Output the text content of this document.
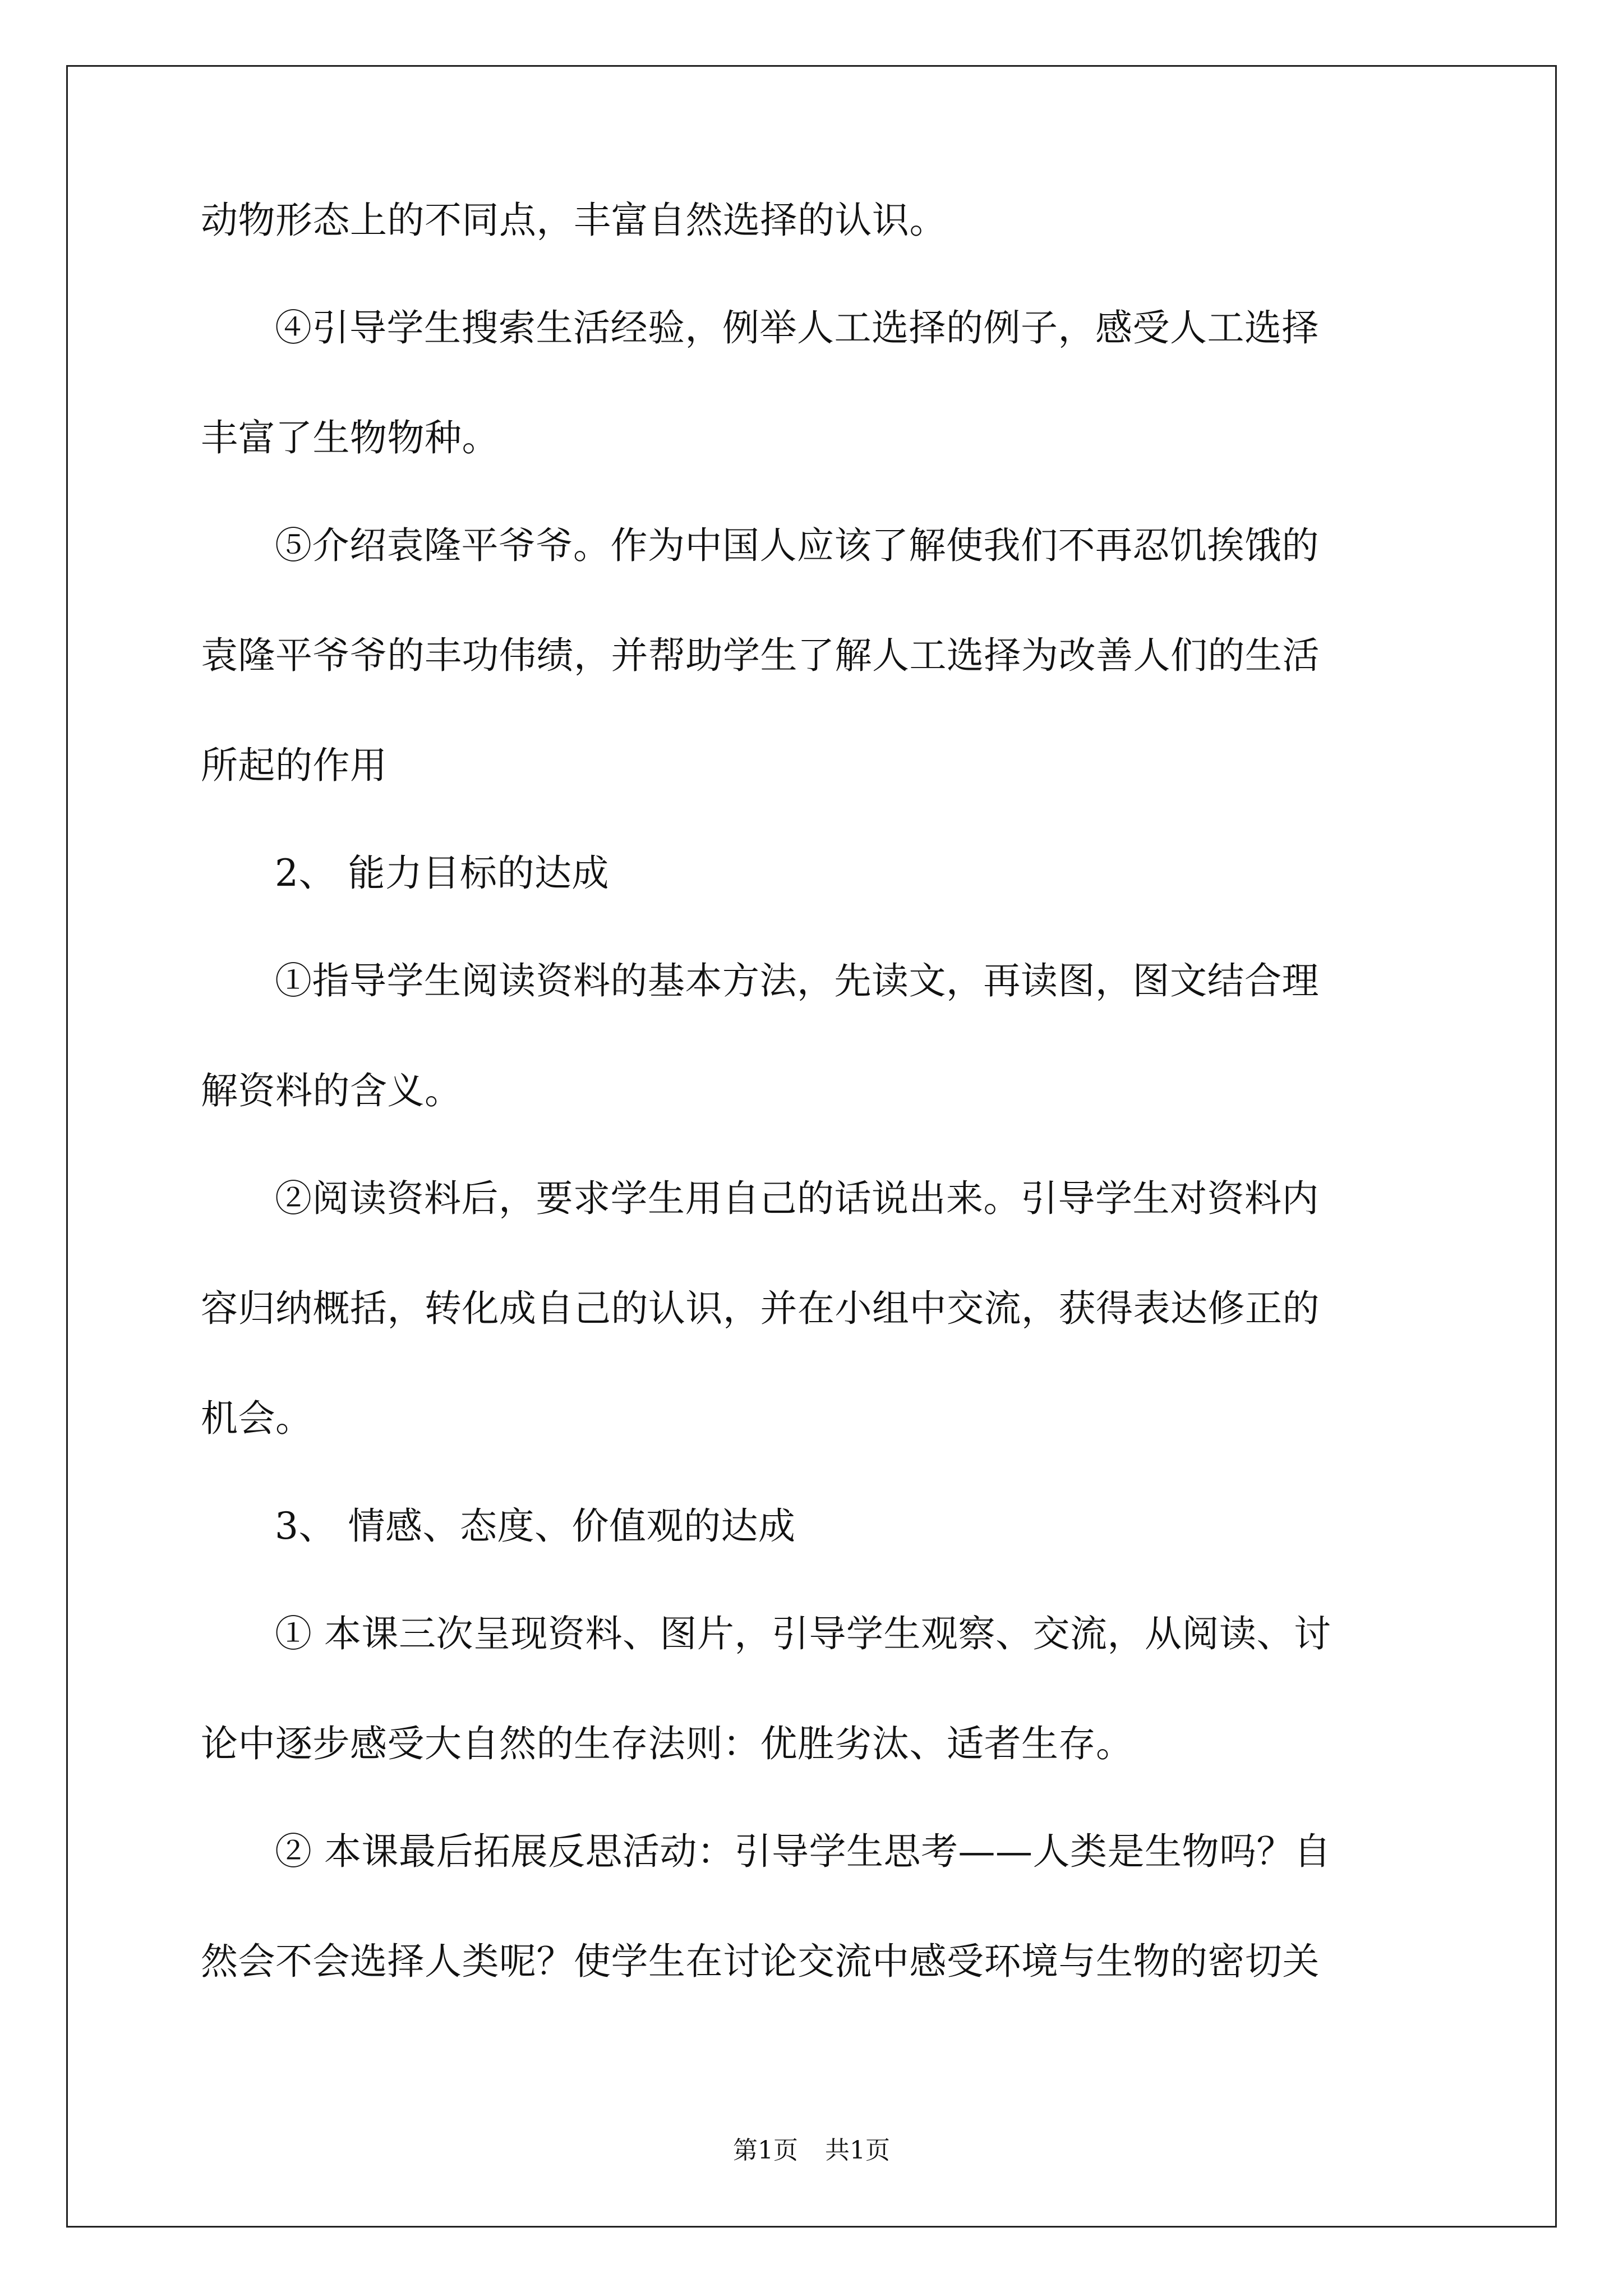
动物形态上的不同点，丰富自然选择的认识。

④引导学生搜索生活经验，例举人工选择的例子，感受人工选择

丰富了生物物种。

⑤介绍袁隆平爷爷。作为中国人应该了解使我们不再忍饥挨饿的

袁隆平爷爷的丰功伟绩，并帮助学生了解人工选择为改善人们的生活

所起的作用

2、 能力目标的达成

①指导学生阅读资料的基本方法，先读文，再读图，图文结合理

解资料的含义。

②阅读资料后，要求学生用自己的话说出来。引导学生对资料内

容归纳概括，转化成自己的认识，并在小组中交流，获得表达修正的

机会。

3、 情感、态度、价值观的达成

① 本课三次呈现资料、图片，引导学生观察、交流，从阅读、讨

论中逐步感受大自然的生存法则：优胜劣汰、适者生存。

② 本课最后拓展反思活动：引导学生思考——人类是生物吗？自

然会不会选择人类呢？使学生在讨论交流中感受环境与生物的密切关

第1页 共1页
